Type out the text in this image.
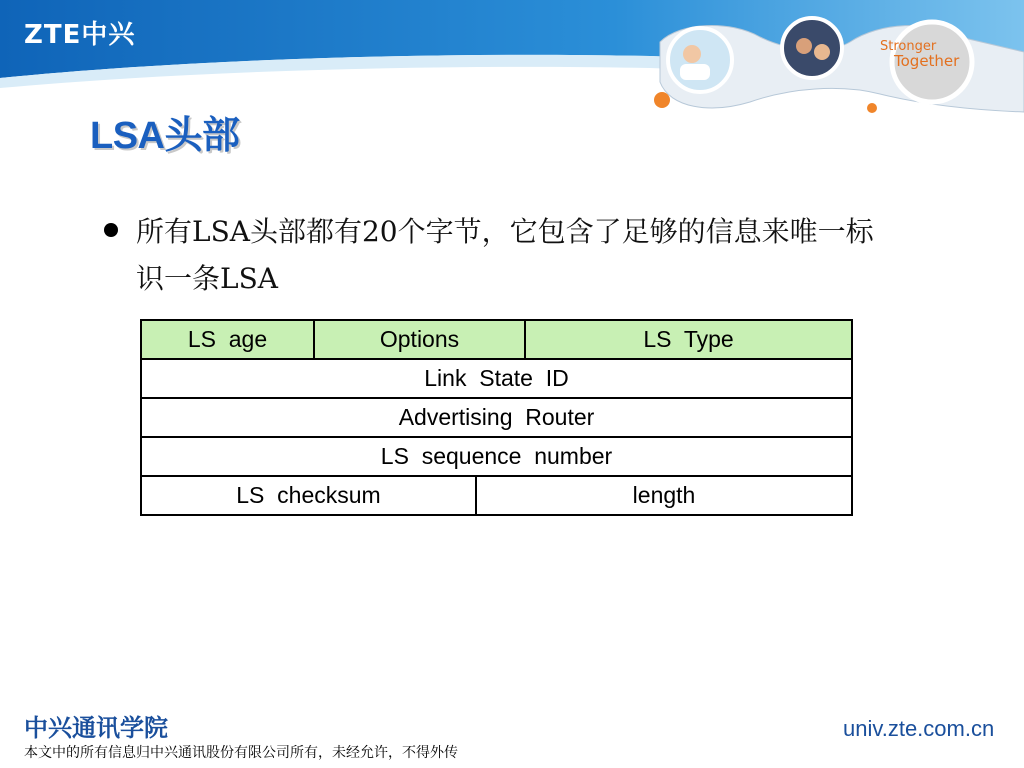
ZTE中兴	Stronger
Together
LSA头部
所有LSA头部都有20个字节，它包含了足够的信息来唯一标识一条LSA
LS  age	Options		LS  Type
Link  State  ID			
Advertising  Router			
LS  sequence  number			
LS  checksum		length	
中兴通讯学院
本文中的所有信息归中兴通讯股份有限公司所有，未经允许，不得外传
univ.zte.com.cn
